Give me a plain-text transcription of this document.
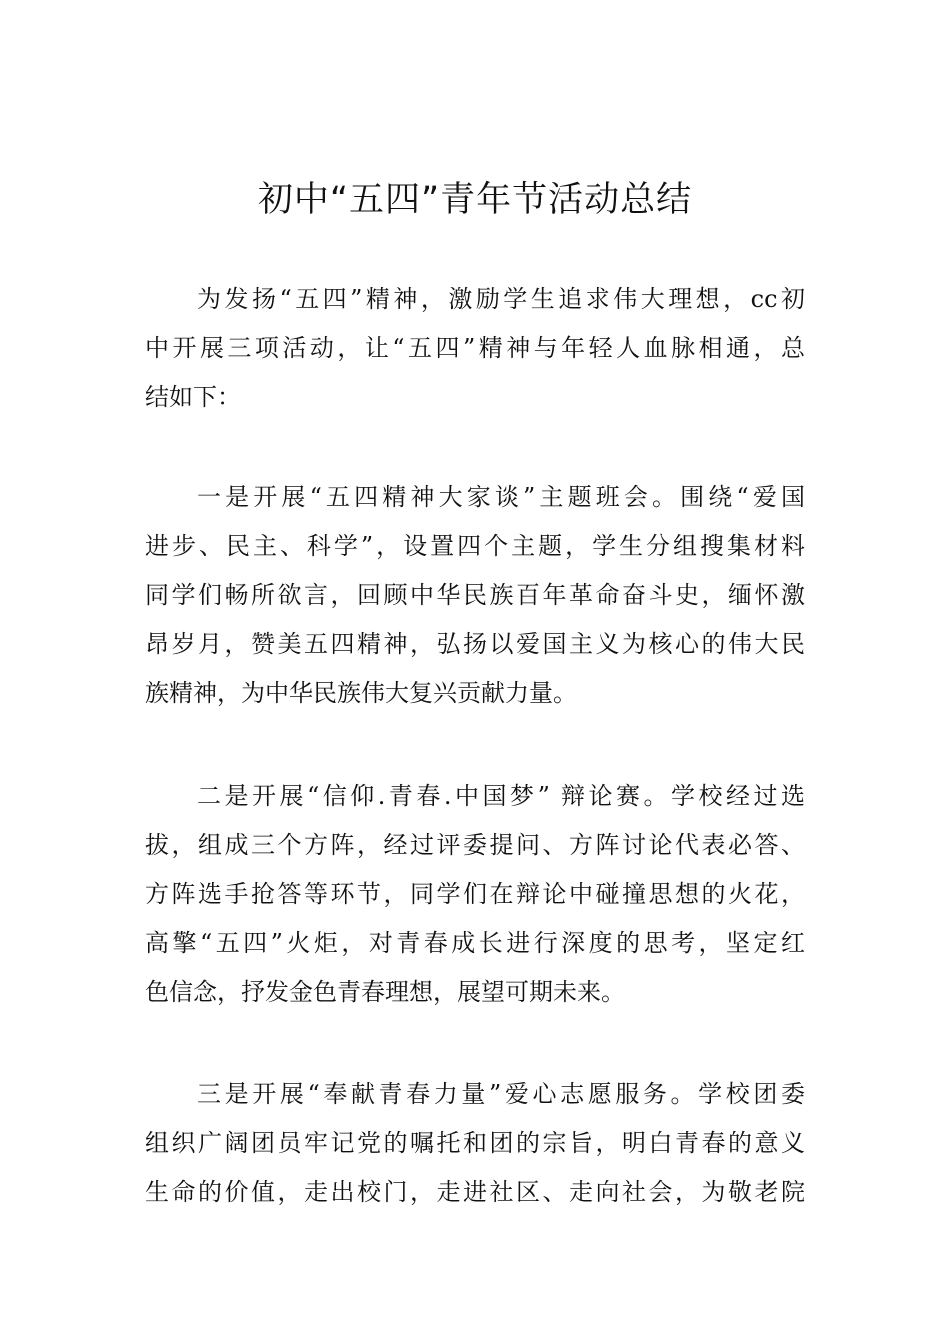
初中“五四”青年节活动总结
为发扬“五四”精神，激励学生追求伟大理想，cc初
中开展三项活动，让“五四”精神与年轻人血脉相通，总
结如下：
一是开展“五四精神大家谈”主题班会。围绕“爱国
进步、民主、科学”，设置四个主题，学生分组搜集材料
同学们畅所欲言，回顾中华民族百年革命奋斗史，缅怀激
昂岁月，赞美五四精神，弘扬以爱国主义为核心的伟大民
族精神，为中华民族伟大复兴贡献力量。
二是开展“信仰.青春.中国梦” 辩论赛。学校经过选
拔，组成三个方阵，经过评委提问、方阵讨论代表必答、
方阵选手抢答等环节，同学们在辩论中碰撞思想的火花，
高擎“五四”火炬，对青春成长进行深度的思考，坚定红
色信念，抒发金色青春理想，展望可期未来。
三是开展“奉献青春力量”爱心志愿服务。学校团委
组织广阔团员牢记党的嘱托和团的宗旨，明白青春的意义
生命的价值，走出校门，走进社区、走向社会，为敬老院
